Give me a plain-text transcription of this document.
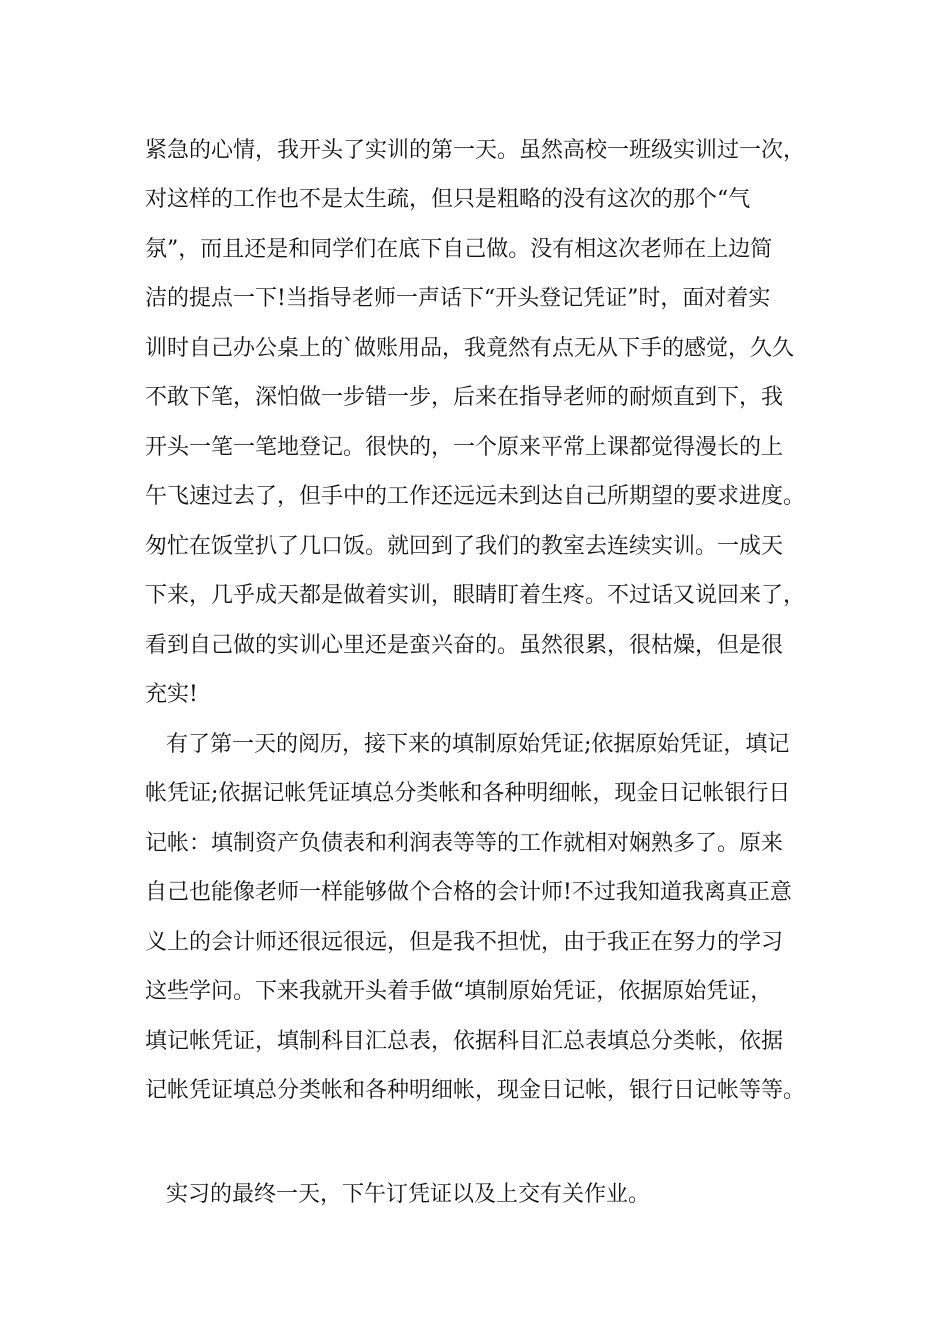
紧急的心情，我开头了实训的第一天。虽然高校一班级实训过一次，
对这样的工作也不是太生疏，但只是粗略的没有这次的那个“气
氛”，而且还是和同学们在底下自己做。没有相这次老师在上边简
洁的提点一下!当指导老师一声话下“开头登记凭证”时，面对着实
训时自己办公桌上的`做账用品，我竟然有点无从下手的感觉，久久
不敢下笔，深怕做一步错一步，后来在指导老师的耐烦直到下，我
开头一笔一笔地登记。很快的，一个原来平常上课都觉得漫长的上
午飞速过去了，但手中的工作还远远未到达自己所期望的要求进度。
匆忙在饭堂扒了几口饭。就回到了我们的教室去连续实训。一成天
下来，几乎成天都是做着实训，眼睛盯着生疼。不过话又说回来了，
看到自己做的实训心里还是蛮兴奋的。虽然很累，很枯燥，但是很
充实!
有了第一天的阅历，接下来的填制原始凭证;依据原始凭证，填记
帐凭证;依据记帐凭证填总分类帐和各种明细帐，现金日记帐银行日
记帐：填制资产负债表和利润表等等的工作就相对娴熟多了。原来
自己也能像老师一样能够做个合格的会计师!不过我知道我离真正意
义上的会计师还很远很远，但是我不担忧，由于我正在努力的学习
这些学问。下来我就开头着手做“填制原始凭证，依据原始凭证，
填记帐凭证，填制科目汇总表，依据科目汇总表填总分类帐，依据
记帐凭证填总分类帐和各种明细帐，现金日记帐，银行日记帐等等。
实习的最终一天，下午订凭证以及上交有关作业。
